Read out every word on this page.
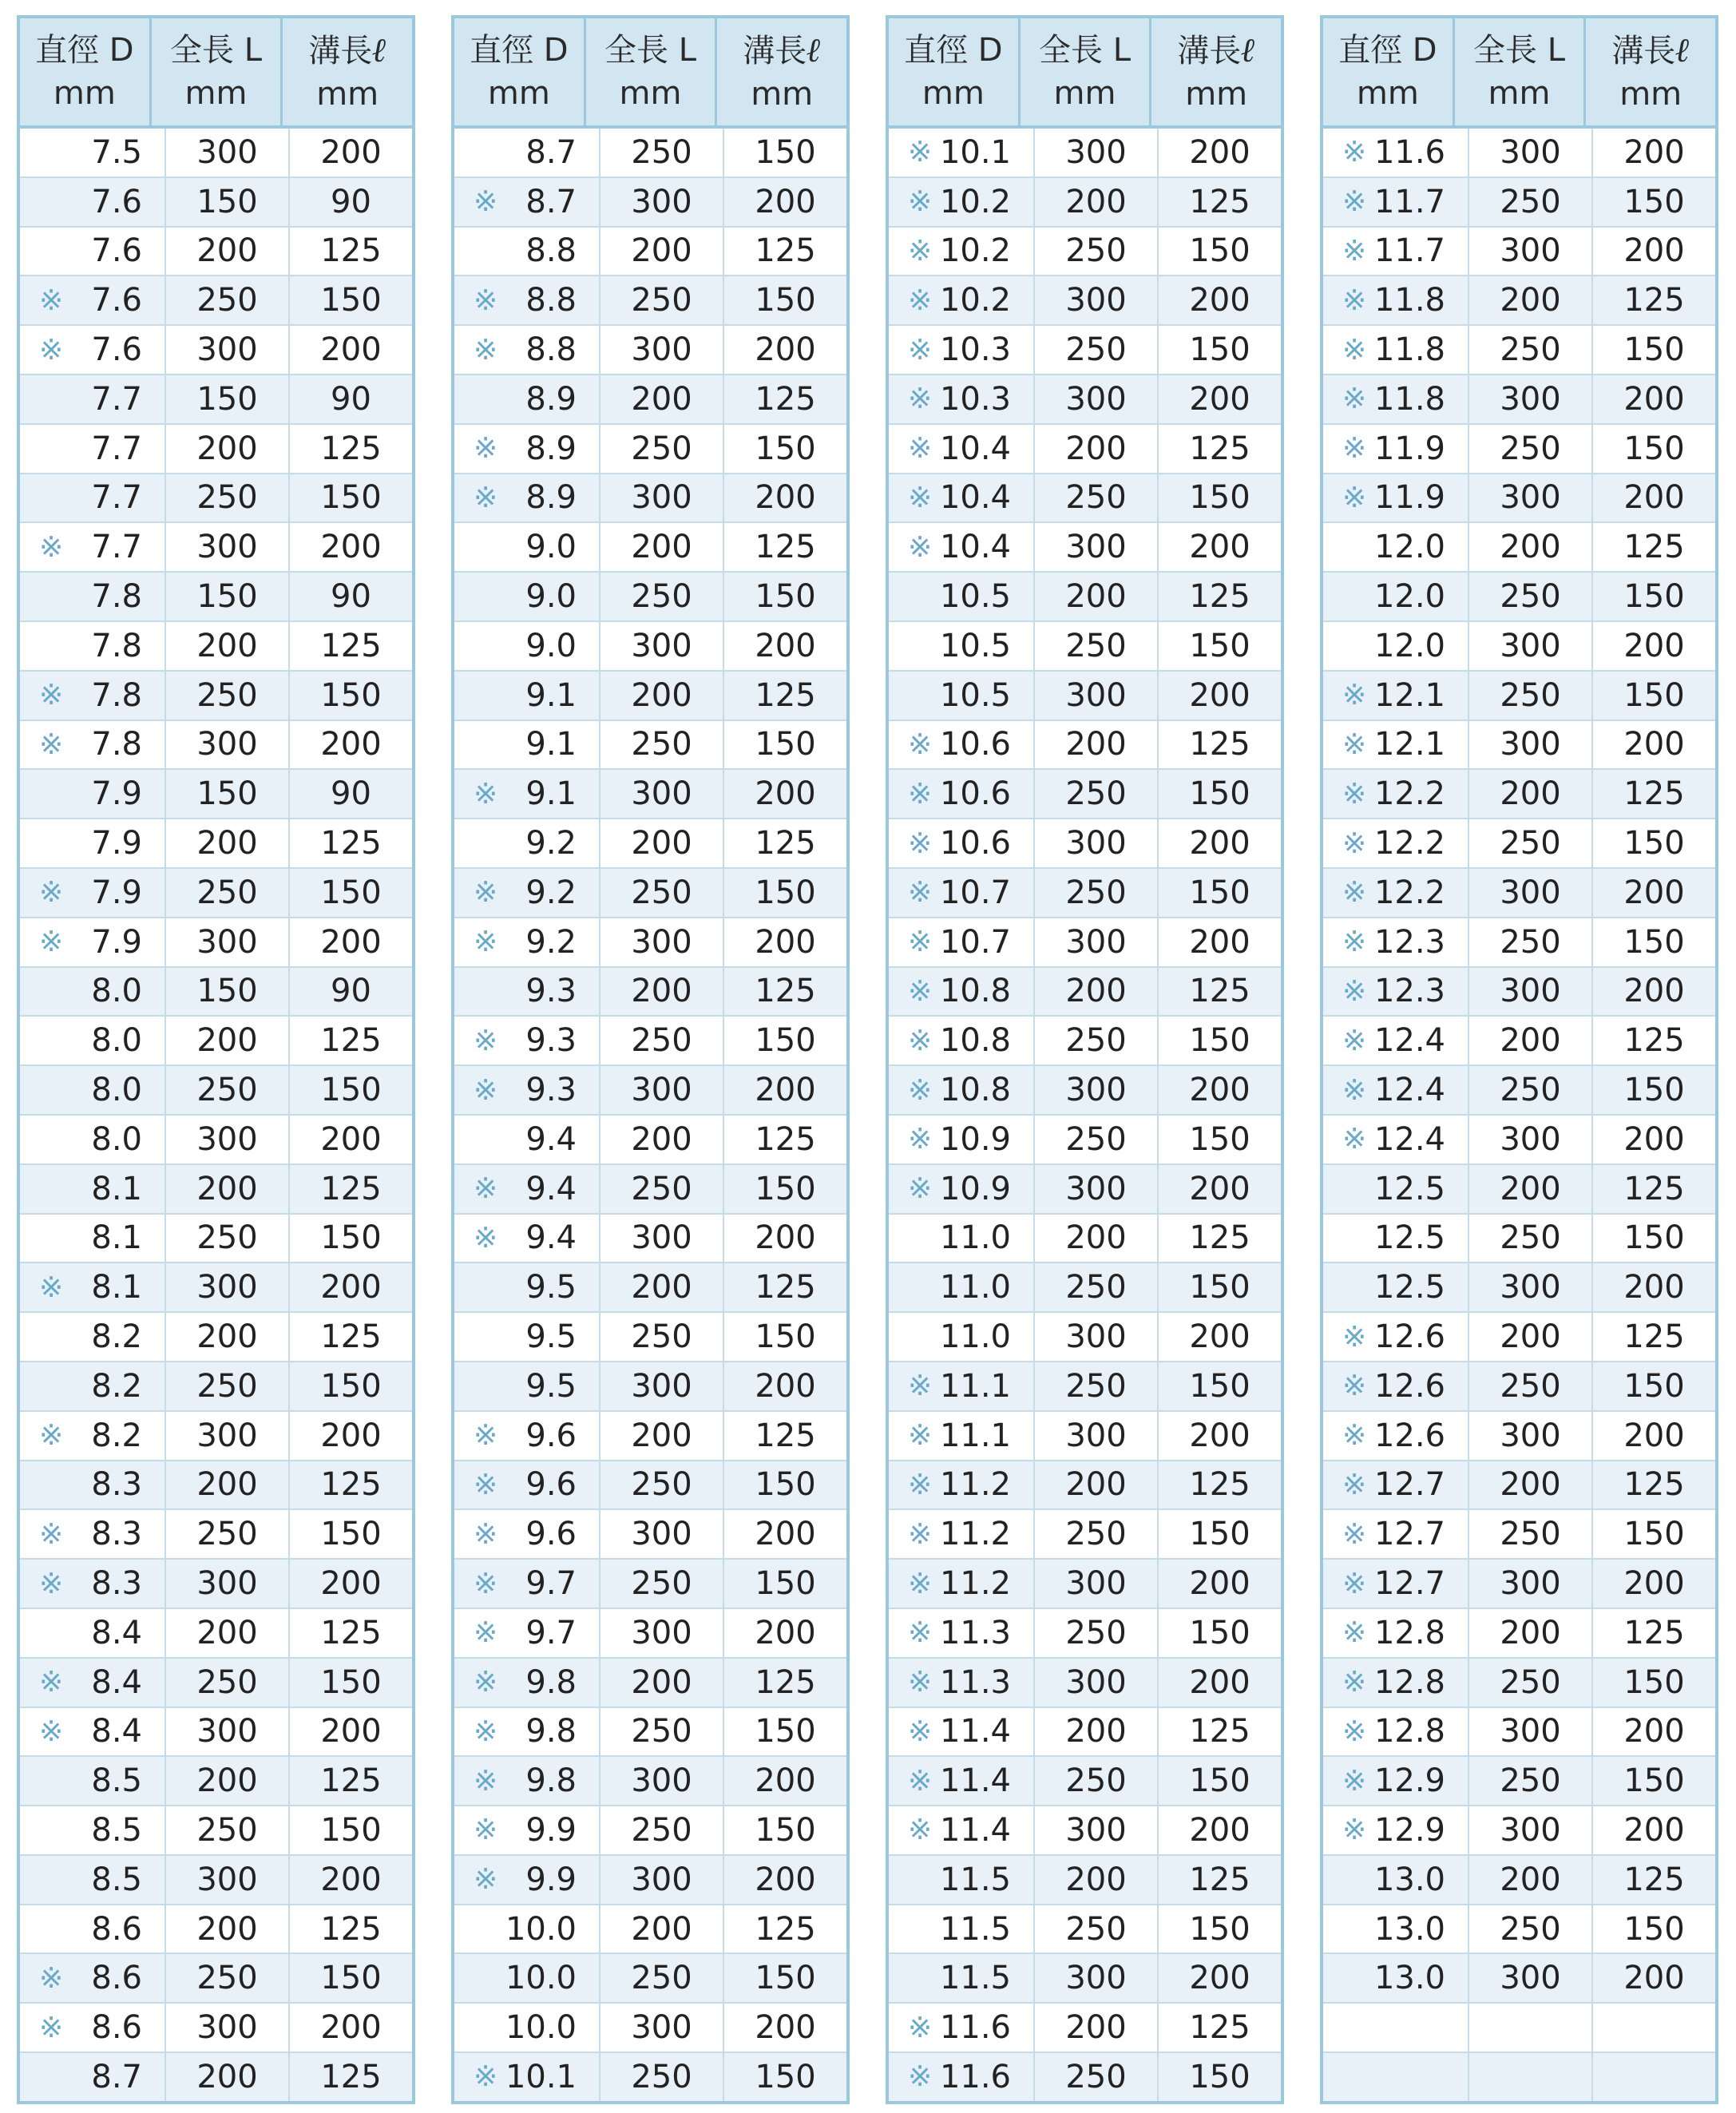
直徑 D
mm
全長 L
mm
溝長ℓ
mm
7.5	300	200
7.6	150	90
7.6	200	125
※ 7.6	250	150
※ 7.6	300	200
7.7	150	90
7.7	200	125
7.7	250	150
※ 7.7	300	200
7.8	150	90
7.8	200	125
※ 7.8	250	150
※ 7.8	300	200
7.9	150	90
7.9	200	125
※ 7.9	250	150
※ 7.9	300	200
8.0	150	90
8.0	200	125
8.0	250	150
8.0	300	200
8.1	200	125
8.1	250	150
※ 8.1	300	200
8.2	200	125
8.2	250	150
※ 8.2	300	200
8.3	200	125
※ 8.3	250	150
※ 8.3	300	200
8.4	200	125
※ 8.4	250	150
※ 8.4	300	200
8.5	200	125
8.5	250	150
8.5	300	200
8.6	200	125
※ 8.6	250	150
※ 8.6	300	200
8.7	200	125
直徑 D
mm
全長 L
mm
溝長ℓ
mm
8.7	250	150
※ 8.7	300	200
8.8	200	125
※ 8.8	250	150
※ 8.8	300	200
8.9	200	125
※ 8.9	250	150
※ 8.9	300	200
9.0	200	125
9.0	250	150
9.0	300	200
9.1	200	125
9.1	250	150
※ 9.1	300	200
9.2	200	125
※ 9.2	250	150
※ 9.2	300	200
9.3	200	125
※ 9.3	250	150
※ 9.3	300	200
9.4	200	125
※ 9.4	250	150
※ 9.4	300	200
9.5	200	125
9.5	250	150
9.5	300	200
※ 9.6	200	125
※ 9.6	250	150
※ 9.6	300	200
※ 9.7	250	150
※ 9.7	300	200
※ 9.8	200	125
※ 9.8	250	150
※ 9.8	300	200
※ 9.9	250	150
※ 9.9	300	200
10.0	200	125
10.0	250	150
10.0	300	200
※ 10.1	250	150
直徑 D
mm
全長 L
mm
溝長ℓ
mm
※ 10.1	300	200
※ 10.2	200	125
※ 10.2	250	150
※ 10.2	300	200
※ 10.3	250	150
※ 10.3	300	200
※ 10.4	200	125
※ 10.4	250	150
※ 10.4	300	200
10.5	200	125
10.5	250	150
10.5	300	200
※ 10.6	200	125
※ 10.6	250	150
※ 10.6	300	200
※ 10.7	250	150
※ 10.7	300	200
※ 10.8	200	125
※ 10.8	250	150
※ 10.8	300	200
※ 10.9	250	150
※ 10.9	300	200
11.0	200	125
11.0	250	150
11.0	300	200
※ 11.1	250	150
※ 11.1	300	200
※ 11.2	200	125
※ 11.2	250	150
※ 11.2	300	200
※ 11.3	250	150
※ 11.3	300	200
※ 11.4	200	125
※ 11.4	250	150
※ 11.4	300	200
11.5	200	125
11.5	250	150
11.5	300	200
※ 11.6	200	125
※ 11.6	250	150
直徑 D
mm
全長 L
mm
溝長ℓ
mm
※ 11.6	300	200
※ 11.7	250	150
※ 11.7	300	200
※ 11.8	200	125
※ 11.8	250	150
※ 11.8	300	200
※ 11.9	250	150
※ 11.9	300	200
12.0	200	125
12.0	250	150
12.0	300	200
※ 12.1	250	150
※ 12.1	300	200
※ 12.2	200	125
※ 12.2	250	150
※ 12.2	300	200
※ 12.3	250	150
※ 12.3	300	200
※ 12.4	200	125
※ 12.4	250	150
※ 12.4	300	200
12.5	200	125
12.5	250	150
12.5	300	200
※ 12.6	200	125
※ 12.6	250	150
※ 12.6	300	200
※ 12.7	200	125
※ 12.7	250	150
※ 12.7	300	200
※ 12.8	200	125
※ 12.8	250	150
※ 12.8	300	200
※ 12.9	250	150
※ 12.9	300	200
13.0	200	125
13.0	250	150
13.0	300	200
